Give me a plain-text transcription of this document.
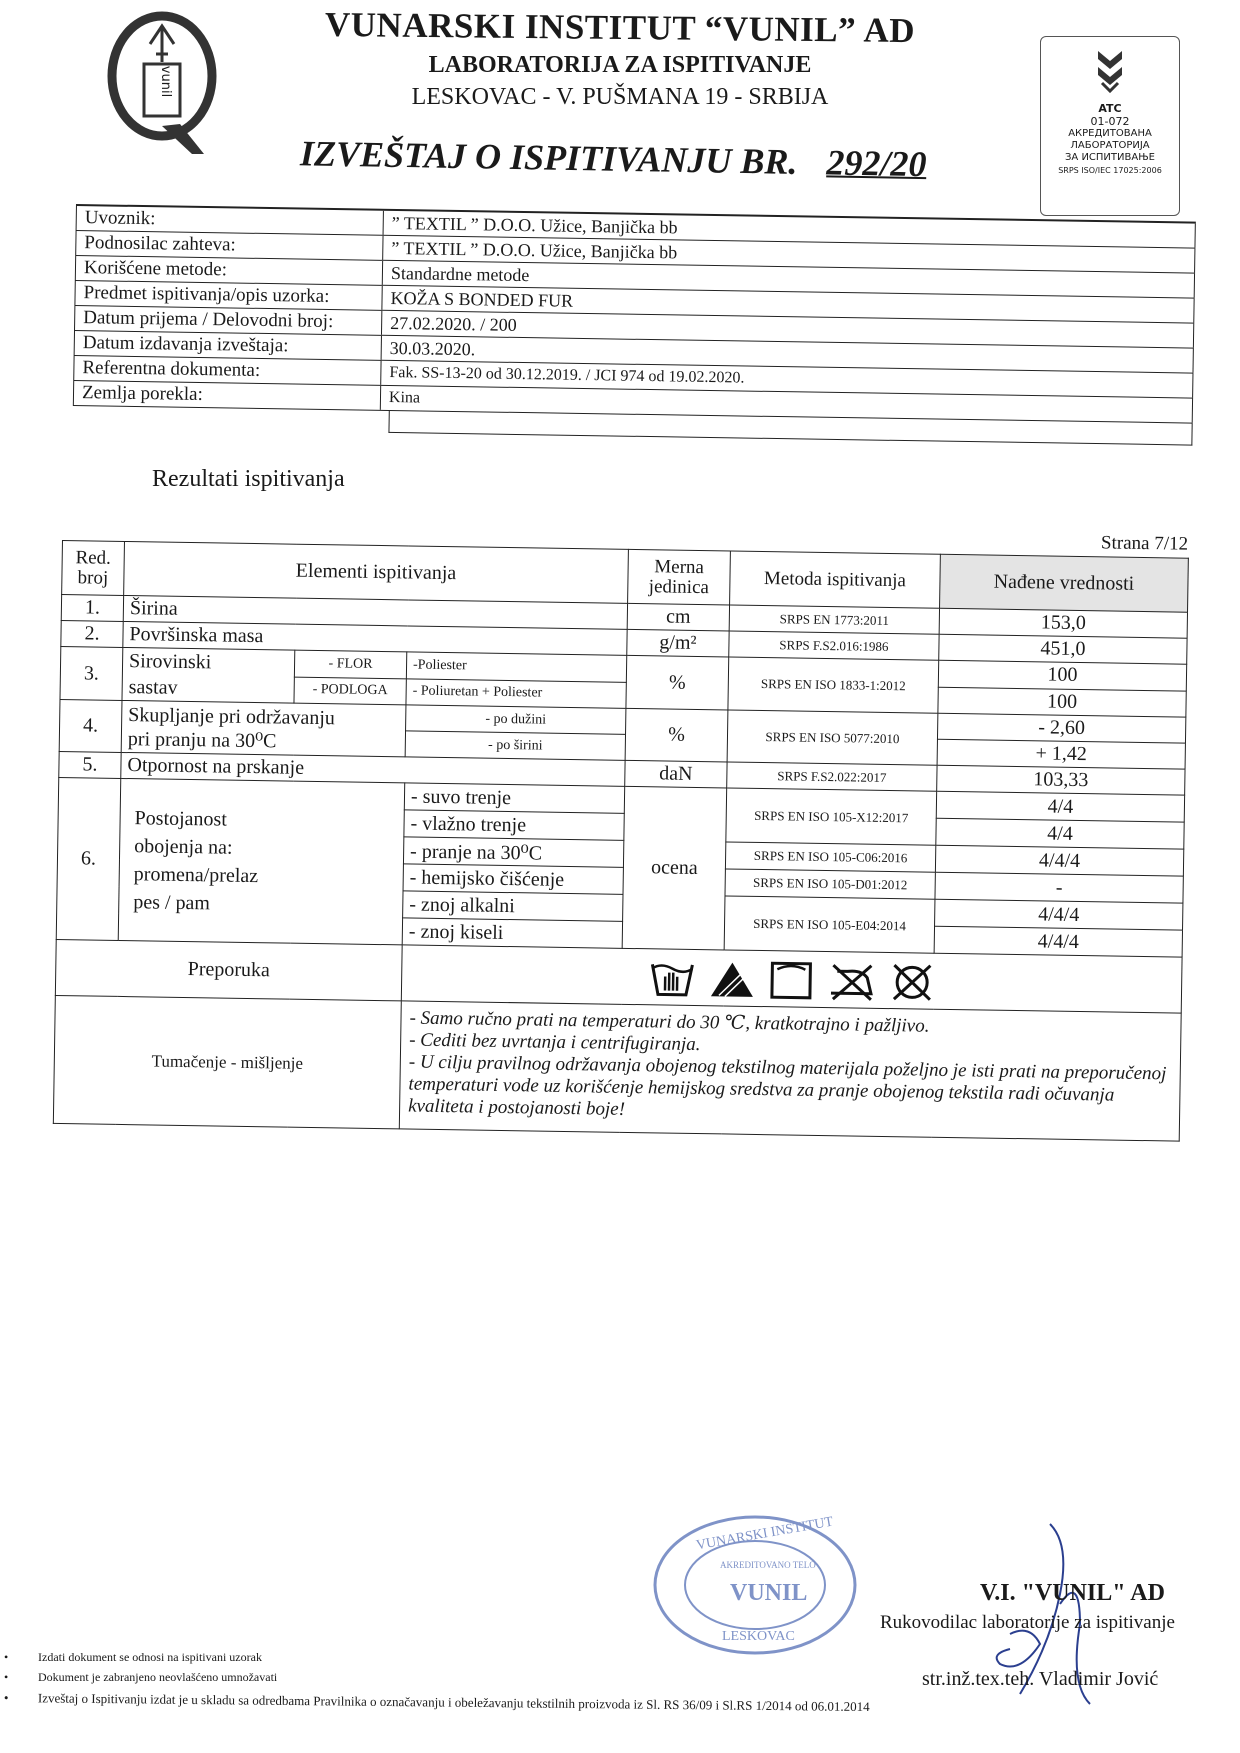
vunil
VUNARSKI INSTITUT “VUNIL” AD
LABORATORIJA ZA ISPITIVANJE
LESKOVAC - V. PUŠMANA 19 - SRBIJA
IZVEŠTAJ O ISPITIVANJU BR. 292/20
ATC
01-072
АКРЕДИТОВАНА
ЛАБОРАТОРИЈА
ЗА ИСПИТИВАЊЕ
SRPS ISO/IEC 17025:2006
Uvoznik:	” TEXTIL ” D.O.O. Užice, Banjička bb
Podnosilac zahteva:	” TEXTIL ” D.O.O. Užice, Banjička bb
Korišćene metode:	Standardne metode
Predmet ispitivanja/opis uzorka:	KOŽA S BONDED FUR
Datum prijema / Delovodni broj:	27.02.2020. / 200
Datum izdavanja izveštaja:	30.03.2020.
Referentna dokumenta:	Fak. SS-13-20 od 30.12.2019. / JCI 974 od 19.02.2020.
Zemlja porekla:	Kina
Rezultati ispitivanja
Strana 7/12
Red. broj	Elementi ispitivanja			Merna jedinica	Metoda ispitivanja	Nađene vrednosti
1.	Širina			cm	SRPS EN 1773:2011	153,0
2.	Površinska masa			g/m²	SRPS F.S2.016:1986	451,0
3.	Sirovinski
sastav	- FLOR	-Poliester	%	SRPS EN ISO 1833-1:2012	100
		- PODLOGA	- Poliuretan + Poliester			100
4.	Skupljanje pri održavanju
pri pranju na 30⁰C		- po dužini	%	SRPS EN ISO 5077:2010	- 2,60
			- po širini			+ 1,42
5.	Otpornost na prskanje			daN	SRPS F.S2.022:2017	103,33
6.	Postojanost
obojenja na:
promena/prelaz
pes / pam		- suvo trenje	ocena	SRPS EN ISO 105-X12:2017	4/4
			- vlažno trenje			4/4
			- pranje na 30⁰C		SRPS EN ISO 105-C06:2016	4/4/4
			- hemijsko čišćenje		SRPS EN ISO 105-D01:2012	-
			- znoj alkalni		SRPS EN ISO 105-E04:2014	4/4/4
			- znoj kiseli			4/4/4
Preporuka	

Tumačenje - mišljenje			- Samo ručno prati na temperaturi do 30 ℃, kratkotrajno i pažljivo.
- Cediti bez uvrtanja i centrifugiranja.
- U cilju pravilnog održavanja obojenog tekstilnog materijala poželjno je isti prati na preporučenoj temperaturi vode uz korišćenje hemijskog sredstva za pranje obojenog tekstila radi očuvanja kvaliteta i postojanosti boje!			
VUNARSKI INSTITUT
AKREDITOVANO TELO
VUNIL
LESKOVAC
V.I. "VUNIL" AD
Rukovodilac laboratorije za ispitivanje
str.inž.tex.teh. Vladimir Jović
• Izdati dokument se odnosi na ispitivani uzorak
• Dokument je zabranjeno neovlašćeno umnožavati
• Izveštaj o Ispitivanju izdat je u skladu sa odredbama Pravilnika o označavanju i obeležavanju tekstilnih proizvoda iz Sl. RS 36/09 i Sl.RS 1/2014 od 06.01.2014
